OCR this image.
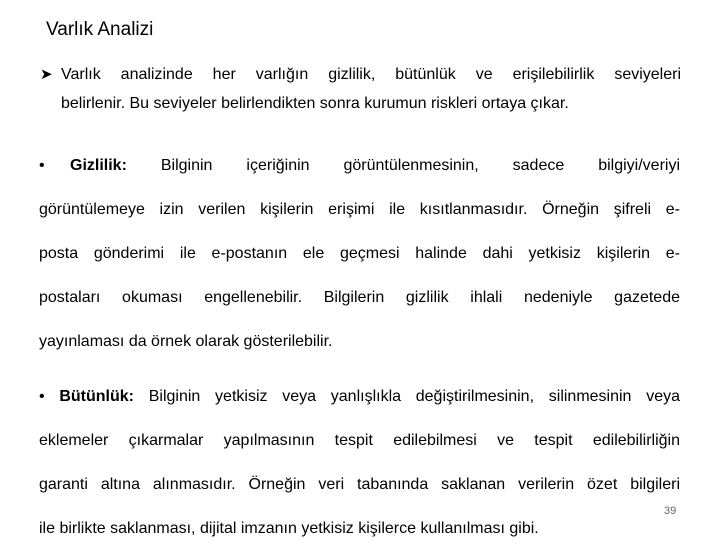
Varlık Analizi
➤ Varlık analizinde her varlığın gizlilik, bütünlük ve erişilebilirlik seviyeleri
belirlenir. Bu seviyeler belirlendikten sonra kurumun riskleri ortaya çıkar.
•	Gizlilik: Bilginin içeriğinin görüntülenmesinin, sadece bilgiyi/veriyi
görüntülemeye izin verilen kişilerin erişimi ile kısıtlanmasıdır. Örneğin şifreli e-
posta gönderimi ile e-postanın ele geçmesi halinde dahi yetkisiz kişilerin e-
postaları okuması engellenebilir. Bilgilerin gizlilik ihlali nedeniyle gazetede
yayınlaması da örnek olarak gösterilebilir.
• Bütünlük: Bilginin yetkisiz veya yanlışlıkla değiştirilmesinin, silinmesinin veya
eklemeler çıkarmalar yapılmasının tespit edilebilmesi ve tespit edilebilirliğin
garanti altına alınmasıdır. Örneğin veri tabanında saklanan verilerin özet bilgileri
ile birlikte saklanması, dijital imzanın yetkisiz kişilerce kullanılması gibi.
39
